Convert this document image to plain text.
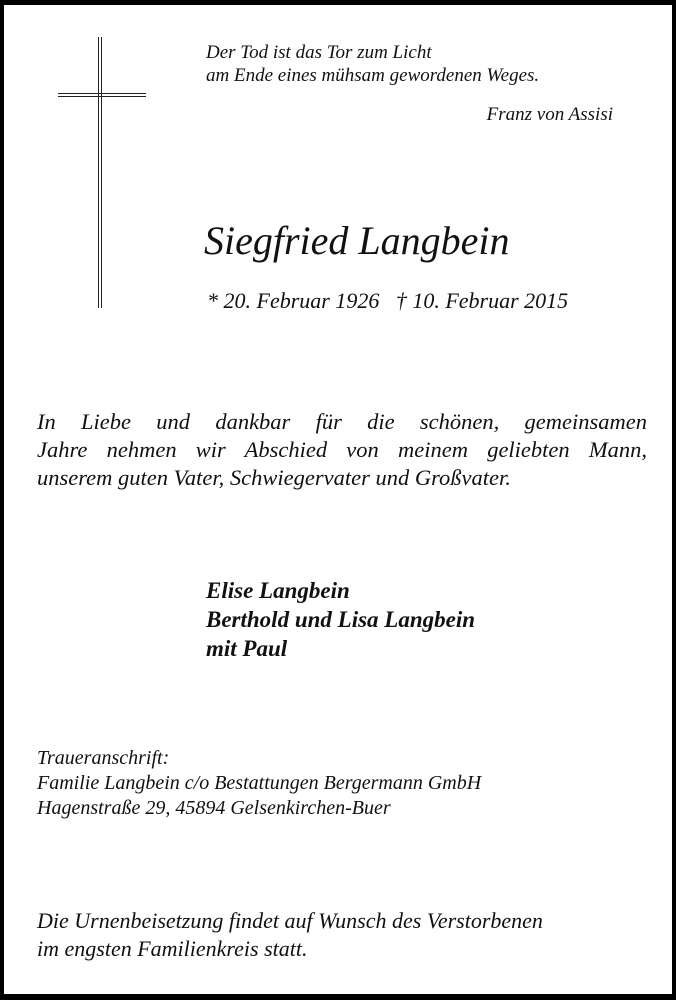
Der Tod ist das Tor zum Licht
am Ende eines mühsam gewordenen Weges.
Franz von Assisi
Siegfried Langbein
* 20. Februar 1926   † 10. Februar 2015
In Liebe und dankbar für die schönen, gemeinsamen
Jahre nehmen wir Abschied von meinem geliebten Mann,
unserem guten Vater, Schwiegervater und Großvater.
Elise Langbein
Berthold und Lisa Langbein
mit Paul
Traueranschrift:
Familie Langbein c/o Bestattungen Bergermann GmbH
Hagenstraße 29, 45894 Gelsenkirchen-Buer
Die Urnenbeisetzung findet auf Wunsch des Verstorbenen
im engsten Familienkreis statt.
